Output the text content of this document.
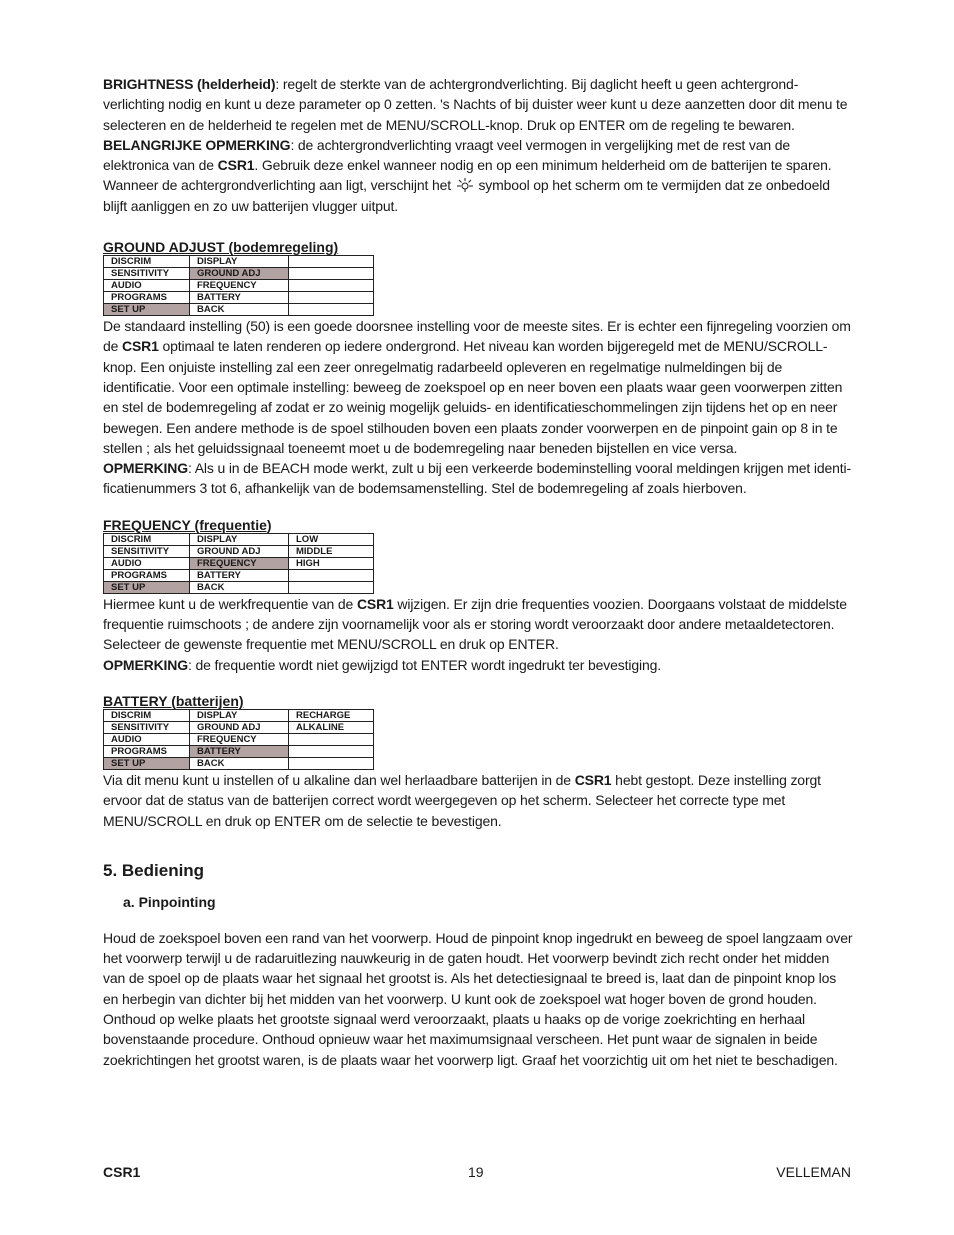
BRIGHTNESS (helderheid): regelt de sterkte van de achtergrondverlichting. Bij daglicht heeft u geen achtergrond-verlichting nodig en kunt u deze parameter op 0 zetten. 's Nachts of bij duister weer kunt u deze aanzetten door dit menu te selecteren en de helderheid te regelen met de MENU/SCROLL-knop. Druk op ENTER om de regeling te bewaren.
BELANGRIJKE OPMERKING: de achtergrondverlichting vraagt veel vermogen in vergelijking met de rest van de elektronica van de CSR1. Gebruik deze enkel wanneer nodig en op een minimum helderheid om de batterijen te sparen. Wanneer de achtergrondverlichting aan ligt, verschijnt het  symbool op het scherm om te vermijden dat ze onbedoeld blijft aanliggen en zo uw batterijen vlugger uitput.

GROUND ADJUST (bodemregeling)
DISCRIM	DISPLAY	
SENSITIVITY	GROUND ADJ	
AUDIO	FREQUENCY	
PROGRAMS	BATTERY	
SET UP	BACK	

De standaard instelling (50) is een goede doorsnee instelling voor de meeste sites. Er is echter een fijnregeling voorzien om de CSR1 optimaal te laten renderen op iedere ondergrond. Het niveau kan worden bijgeregeld met de MENU/SCROLL-knop. Een onjuiste instelling zal een zeer onregelmatig radarbeeld opleveren en regelmatige nulmeldingen bij de identificatie. Voor een optimale instelling: beweeg de zoekspoel op en neer boven een plaats waar geen voorwerpen zitten en stel de bodemregeling af zodat er zo weinig mogelijk geluids- en identificatieschommelingen zijn tijdens het op en neer bewegen. Een andere methode is de spoel stilhouden boven een plaats zonder voorwerpen en de pinpoint gain op 8 in te stellen ; als het geluidssignaal toeneemt moet u de bodemregeling naar beneden bijstellen en vice versa.
OPMERKING: Als u in de BEACH mode werkt, zult u bij een verkeerde bodeminstelling vooral meldingen krijgen met identi-ficatienummers 3 tot 6, afhankelijk van de bodemsamenstelling. Stel de bodemregeling af zoals hierboven.

FREQUENCY (frequentie)
DISCRIM	DISPLAY	LOW
SENSITIVITY	GROUND ADJ	MIDDLE
AUDIO	FREQUENCY	HIGH
PROGRAMS	BATTERY	
SET UP	BACK	

Hiermee kunt u de werkfrequentie van de CSR1 wijzigen. Er zijn drie frequenties voozien. Doorgaans volstaat de middelste frequentie ruimschoots ; de andere zijn voornamelijk voor als er storing wordt veroorzaakt door andere metaaldetectoren. Selecteer de gewenste frequentie met MENU/SCROLL en druk op ENTER.
OPMERKING: de frequentie wordt niet gewijzigd tot ENTER wordt ingedrukt ter bevestiging.

BATTERY (batterijen)
DISCRIM	DISPLAY	RECHARGE
SENSITIVITY	GROUND ADJ	ALKALINE
AUDIO	FREQUENCY	
PROGRAMS	BATTERY	
SET UP	BACK	

Via dit menu kunt u instellen of u alkaline dan wel herlaadbare batterijen in de CSR1 hebt gestopt. Deze instelling zorgt ervoor dat de status van de batterijen correct wordt weergegeven op het scherm. Selecteer het correcte type met MENU/SCROLL en druk op ENTER om de selectie te bevestigen.

5. Bediening
a. Pinpointing

Houd de zoekspoel boven een rand van het voorwerp. Houd de pinpoint knop ingedrukt en beweeg de spoel langzaam over het voorwerp terwijl u de radaruitlezing nauwkeurig in de gaten houdt. Het voorwerp bevindt zich recht onder het midden van de spoel op de plaats waar het signaal het grootst is. Als het detectiesignaal te breed is, laat dan de pinpoint knop los en herbegin van dichter bij het midden van het voorwerp. U kunt ook de zoekspoel wat hoger boven de grond houden. Onthoud op welke plaats het grootste signaal werd veroorzaakt, plaats u haaks op de vorige zoekrichting en herhaal bovenstaande procedure. Onthoud opnieuw waar het maximumsignaal verscheen. Het punt waar de signalen in beide zoekrichtingen het grootst waren, is de plaats waar het voorwerp ligt. Graaf het voorzichtig uit om het niet te beschadigen.

CSR1	19	VELLEMAN
